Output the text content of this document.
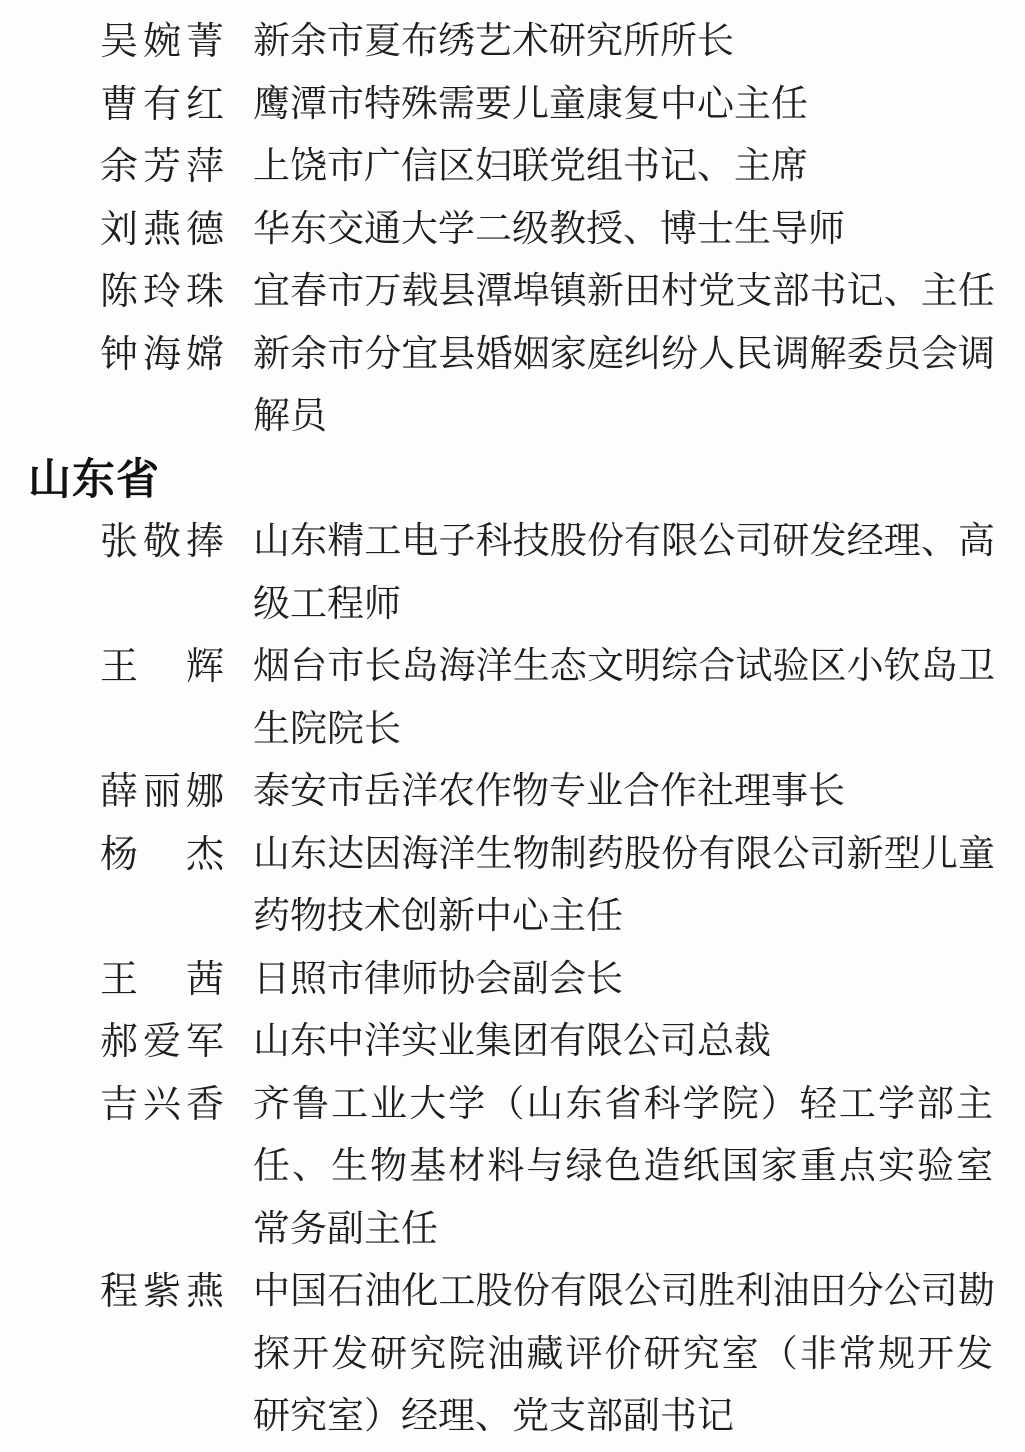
吴 婉 菁 新余市夏布绣艺术研究所所长
曹 有 红 鹰潭市特殊需要儿童康复中心主任
余 芳 萍 上饶市广信区妇联党组书记、主席
刘 燕 德 华东交通大学二级教授、博士生导师
陈 玲 珠 宜春市万载县潭埠镇新田村党支部书记、主任
钟 海 嫦 新余市分宜县婚姻家庭纠纷人民调解委员会调
解员
山东省
张 敬 捧 山东精工电子科技股份有限公司研发经理、高
级工程师
王 辉 烟台市长岛海洋生态文明综合试验区小钦岛卫
生院院长
薛 丽 娜 泰安市岳洋农作物专业合作社理事长
杨 杰 山东达因海洋生物制药股份有限公司新型儿童
药物技术创新中心主任
王 茜 日照市律师协会副会长
郝 爱 军 山东中洋实业集团有限公司总裁
吉 兴 香 齐鲁工业大学（山东省科学院）轻工学部主
任、生物基材料与绿色造纸国家重点实验室
常务副主任
程 紫 燕 中国石油化工股份有限公司胜利油田分公司勘
探开发研究院油藏评价研究室（非常规开发
研究室）经理、党支部副书记
